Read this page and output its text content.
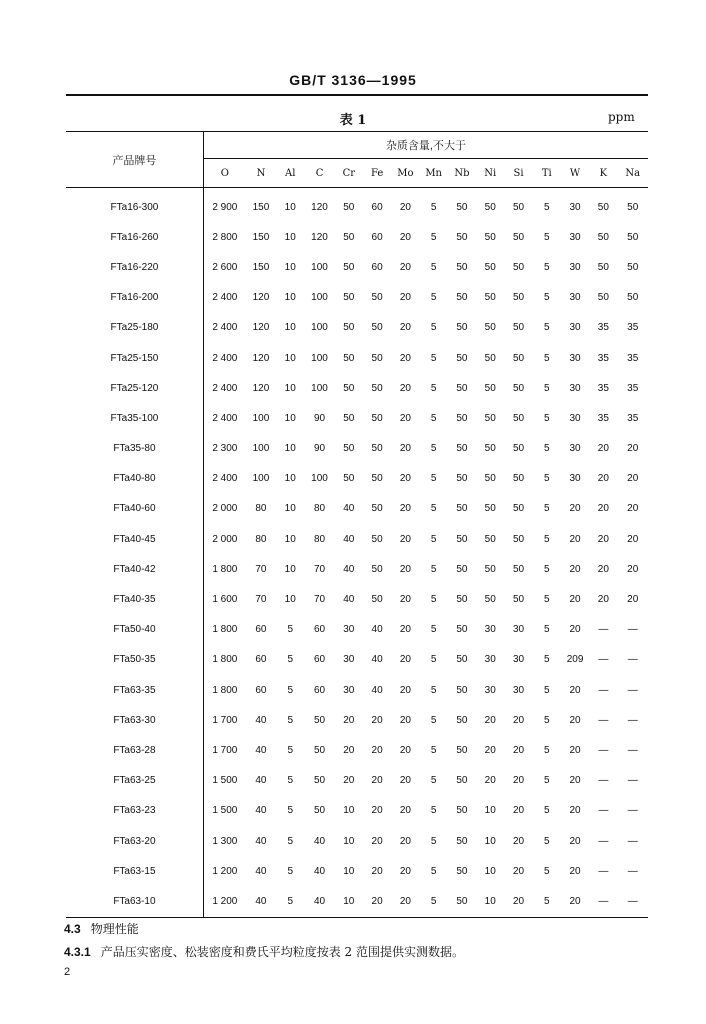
GB/T 3136—1995
表 1	ppm
产品牌号	杂质含量,不大于														
	O	N	Al	C	Cr	Fe	Mo	Mn	Nb	Ni	Si	Ti	W	K	Na
FTa16-300	2 900	150	10	120	50	60	20	5	50	50	50	5	30	50	50
FTa16-260	2 800	150	10	120	50	60	20	5	50	50	50	5	30	50	50
FTa16-220	2 600	150	10	100	50	60	20	5	50	50	50	5	30	50	50
FTa16-200	2 400	120	10	100	50	50	20	5	50	50	50	5	30	50	50
FTa25-180	2 400	120	10	100	50	50	20	5	50	50	50	5	30	35	35
FTa25-150	2 400	120	10	100	50	50	20	5	50	50	50	5	30	35	35
FTa25-120	2 400	120	10	100	50	50	20	5	50	50	50	5	30	35	35
FTa35-100	2 400	100	10	90	50	50	20	5	50	50	50	5	30	35	35
FTa35-80	2 300	100	10	90	50	50	20	5	50	50	50	5	30	20	20
FTa40-80	2 400	100	10	100	50	50	20	5	50	50	50	5	30	20	20
FTa40-60	2 000	80	10	80	40	50	20	5	50	50	50	5	20	20	20
FTa40-45	2 000	80	10	80	40	50	20	5	50	50	50	5	20	20	20
FTa40-42	1 800	70	10	70	40	50	20	5	50	50	50	5	20	20	20
FTa40-35	1 600	70	10	70	40	50	20	5	50	50	50	5	20	20	20
FTa50-40	1 800	60	5	60	30	40	20	5	50	30	30	5	20	—	—
FTa50-35	1 800	60	5	60	30	40	20	5	50	30	30	5	209	—	—
FTa63-35	1 800	60	5	60	30	40	20	5	50	30	30	5	20	—	—
FTa63-30	1 700	40	5	50	20	20	20	5	50	20	20	5	20	—	—
FTa63-28	1 700	40	5	50	20	20	20	5	50	20	20	5	20	—	—
FTa63-25	1 500	40	5	50	20	20	20	5	50	20	20	5	20	—	—
FTa63-23	1 500	40	5	50	10	20	20	5	50	10	20	5	20	—	—
FTa63-20	1 300	40	5	40	10	20	20	5	50	10	20	5	20	—	—
FTa63-15	1 200	40	5	40	10	20	20	5	50	10	20	5	20	—	—
FTa63-10	1 200	40	5	40	10	20	20	5	50	10	20	5	20	—	—
4.3 物理性能
4.3.1 产品压实密度、松装密度和费氏平均粒度按表 2 范围提供实测数据。
2
